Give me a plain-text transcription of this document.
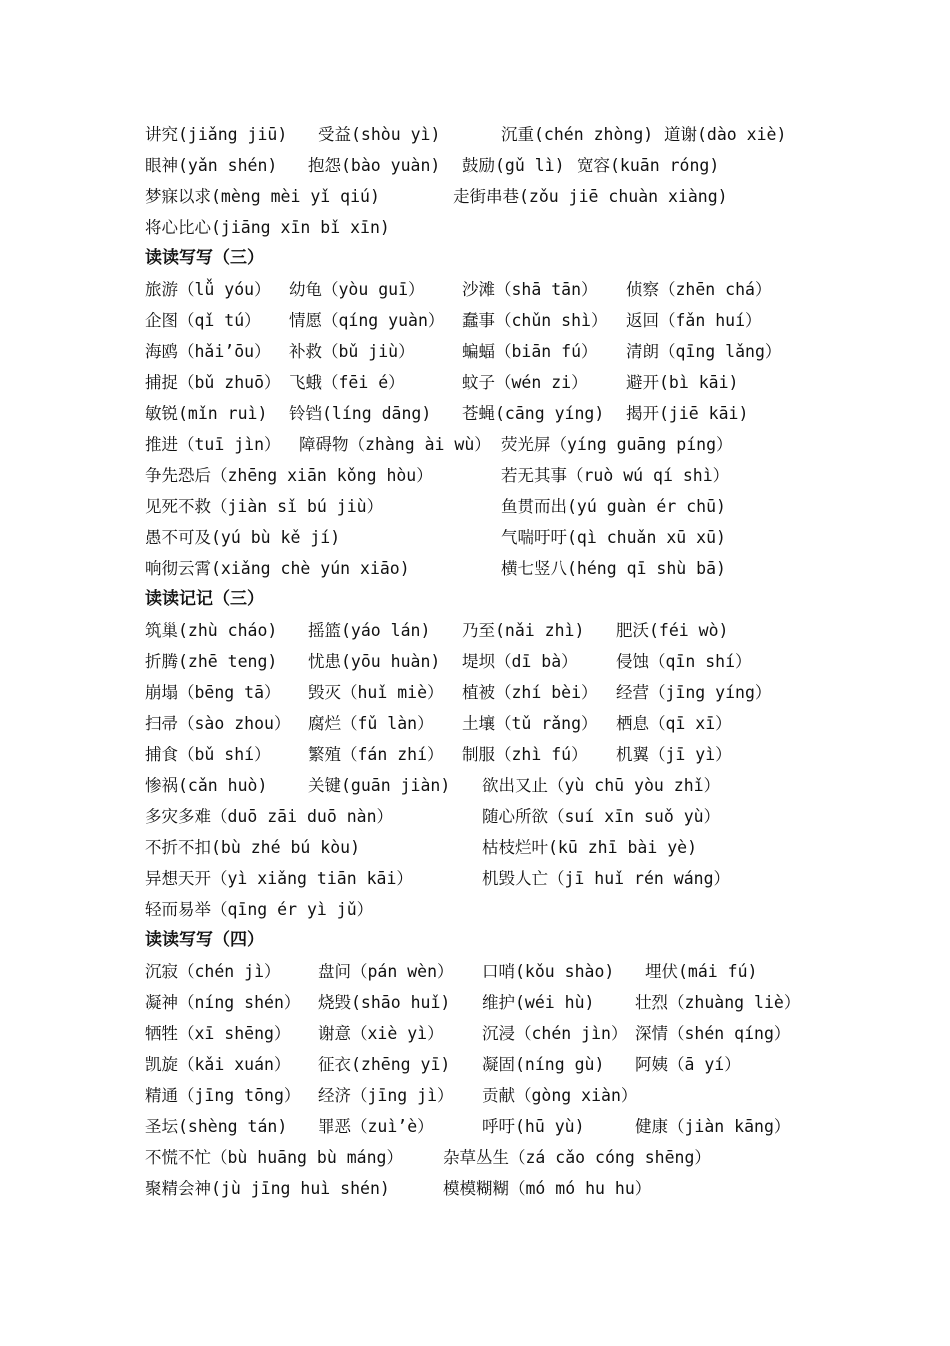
讲究(jiǎng jiū) 受益(shòu yì)	沉重(chén zhòng) 道谢(dào xiè)
眼神(yǎn shén) 抱怨(bào yuàn) 鼓励(gǔ lì) 宽容(kuān róng)
梦寐以求(mèng mèi yǐ qiú)	走街串巷(zǒu jiē chuàn xiàng)
将心比心(jiāng xīn bǐ xīn)
读读写写（三）
旅游（lǚ yóu） 幼龟（yòu guī） 沙滩（shā tān） 侦察（zhēn chá）
企图（qǐ tú） 情愿（qíng yuàn） 蠢事（chǔn shì） 返回（fǎn huí）
海鸥（hǎi’ōu） 补救（bǔ jiù）	蝙蝠（biān fú） 清朗（qīng lǎng）
捕捉（bǔ zhuō） 飞蛾（fēi é）	蚊子（wén zi） 避开(bì kāi)
敏锐(mǐn ruì) 铃铛(líng dāng) 苍蝇(cāng yíng) 揭开(jiē kāi)
推进（tuī jìn） 障碍物（zhàng ài wù） 荧光屏（yíng guāng píng）
争先恐后（zhēng xiān kǒng hòu）	若无其事（ruò wú qí shì）
见死不救（jiàn sǐ bú jiù）	鱼贯而出(yú guàn ér chū)
愚不可及(yú bù kě jí)	气喘吁吁(qì chuǎn xū xū)
响彻云霄(xiǎng chè yún xiāo)	横七竖八(héng qī shù bā)
读读记记（三）
筑巢(zhù cháo) 摇篮(yáo lán) 乃至(nǎi zhì) 肥沃(féi wò)
折腾(zhē teng) 忧患(yōu huàn) 堤坝（dī bà） 侵蚀（qīn shí）
崩塌（bēng tā） 毁灭（huǐ miè） 植被（zhí bèi） 经营（jīng yíng）
扫帚（sào zhou） 腐烂（fǔ làn） 土壤（tǔ rǎng） 栖息（qī xī）
捕食（bǔ shí） 繁殖（fán zhí） 制服（zhì fú） 机翼（jī yì）
惨祸(cǎn huò) 关键(guān jiàn) 欲出又止（yù chū yòu zhǐ）
多灾多难（duō zāi duō nàn）	随心所欲（suí xīn suǒ yù）
不折不扣(bù zhé bú kòu)	枯枝烂叶(kū zhī bài yè)
异想天开（yì xiǎng tiān kāi）	机毁人亡（jī huǐ rén wáng）
轻而易举（qīng ér yì jǔ）
读读写写（四）
沉寂（chén jì） 盘问（pán wèn） 口哨(kǒu shào) 埋伏(mái fú)
凝神（níng shén） 烧毁(shāo huǐ) 维护(wéi hù) 壮烈（zhuàng liè）
牺牲（xī shēng） 谢意（xiè yì） 沉浸（chén jìn） 深情（shén qíng）
凯旋（kǎi xuán） 征衣(zhēng yī) 凝固(níng gù) 阿姨（ā yí）
精通（jīng tōng） 经济（jīng jì） 贡献（gòng xiàn）
圣坛(shèng tán) 罪恶（zuì’è）	呼吁(hū yù)	健康（jiàn kāng）
不慌不忙（bù huāng bù máng） 杂草丛生（zá cǎo cóng shēng）
聚精会神(jù jīng huì shén)	模模糊糊（mó mó hu hu）
